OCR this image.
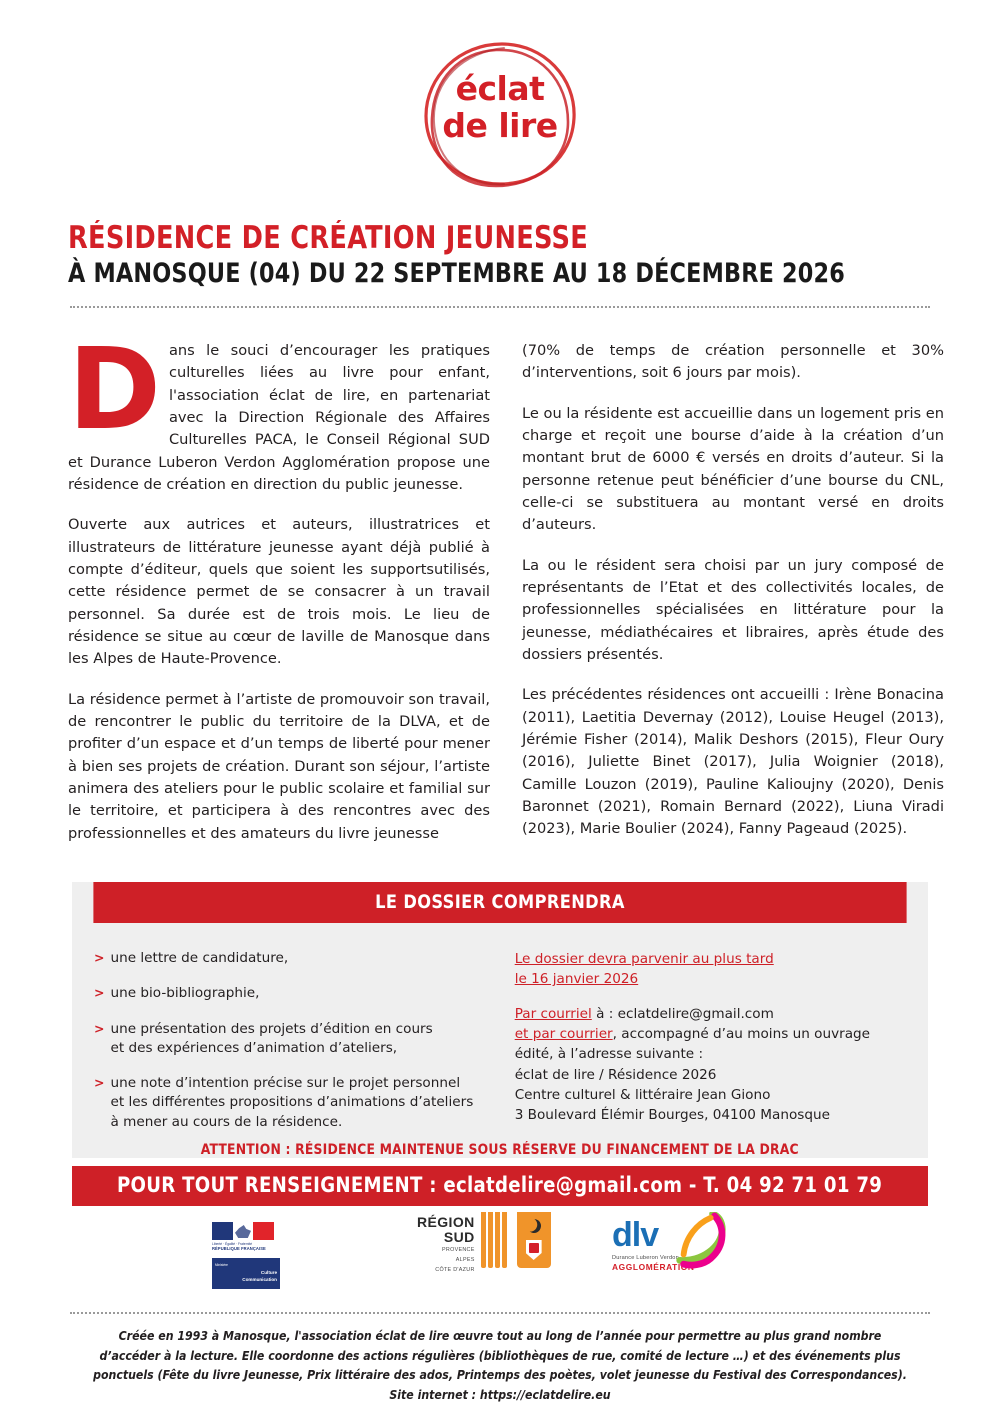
éclat
de lire
RÉSIDENCE DE CRÉATION JEUNESSE
À MANOSQUE (04) DU 22 SEPTEMBRE AU 18 DÉCEMBRE 2026

Dans le souci d’encourager les pratiques culturelles liées au livre pour enfant, l'association éclat de lire, en partenariat avec la Direction Régionale des Affaires Culturelles PACA, le Conseil Régional SUD et Durance Luberon Verdon Agglomération propose une résidence de création en direction du public jeunesse.

Ouverte aux autrices et auteurs, illustratrices et illustrateurs de littérature jeunesse ayant déjà publié à compte d’éditeur, quels que soient les supportsutilisés, cette résidence permet de se consacrer à un travail personnel. Sa durée est de trois mois. Le lieu de résidence se situe au cœur de laville de Manosque dans les Alpes de Haute-Provence.

La résidence permet à l’artiste de promouvoir son travail, de rencontrer le public du territoire de la DLVA, et de profiter d’un espace et d’un temps de liberté pour mener à bien ses projets de création. Durant son séjour, l’artiste animera des ateliers pour le public scolaire et familial sur le territoire, et participera à des rencontres avec des professionnelles et des amateurs du livre jeunesse

(70% de temps de création personnelle et 30% d’interventions, soit 6 jours par mois).

Le ou la résidente est accueillie dans un logement pris en charge et reçoit une bourse d’aide à la création d’un montant brut de 6000 € versés en droits d’auteur. Si la personne retenue peut bénéficier d’une bourse du CNL, celle-ci se substituera au montant versé en droits d’auteurs.

La ou le résident sera choisi par un jury composé de représentants de l’Etat et des collectivités locales, de professionnelles spécialisées en littérature pour la jeunesse, médiathécaires et libraires, après étude des dossiers présentés.

Les précédentes résidences ont accueilli : Irène Bonacina (2011), Laetitia Devernay (2012), Louise Heugel (2013), Jérémie Fisher (2014), Malik Deshors (2015), Fleur Oury (2016), Juliette Binet (2017), Julia Woignier (2018), Camille Louzon (2019), Pauline Kalioujny (2020), Denis Baronnet (2021), Romain Bernard (2022), Liuna Viradi (2023), Marie Boulier (2024), Fanny Pageaud (2025).

LE DOSSIER COMPRENDRA
> une lettre de candidature,
> une bio-bibliographie,
> une présentation des projets d’édition en cours
et des expériences d’animation d’ateliers,
> une note d’intention précise sur le projet personnel
et les différentes propositions d’animations d’ateliers
à mener au cours de la résidence.
Le dossier devra parvenir au plus tard
le 16 janvier 2026
Par courriel à : eclatdelire@gmail.com
et par courrier, accompagné d’au moins un ouvrage
édité, à l’adresse suivante :
éclat de lire / Résidence 2026
Centre culturel & littéraire Jean Giono
3 Boulevard Élémir Bourges, 04100 Manosque
ATTENTION : RÉSIDENCE MAINTENUE SOUS RÉSERVE DU FINANCEMENT DE LA DRAC
POUR TOUT RENSEIGNEMENT : eclatdelire@gmail.com - T. 04 92 71 01 79
Liberté · Égalité · Fraternité
RÉPUBLIQUE FRANÇAISE
Ministère
Culture
Communication
RÉGION
SUD
PROVENCE
ALPES
CÔTE D'AZUR
dlv
Durance Luberon Verdon
AGGLOMÉRATION
Créée en 1993 à Manosque, l'association éclat de lire œuvre tout au long de l’année pour permettre au plus grand nombre
d’accéder à la lecture. Elle coordonne des actions régulières (bibliothèques de rue, comité de lecture …) et des événements plus
ponctuels (Fête du livre Jeunesse, Prix littéraire des ados, Printemps des poètes, volet jeunesse du Festival des Correspondances).
Site internet : https://eclatdelire.eu
